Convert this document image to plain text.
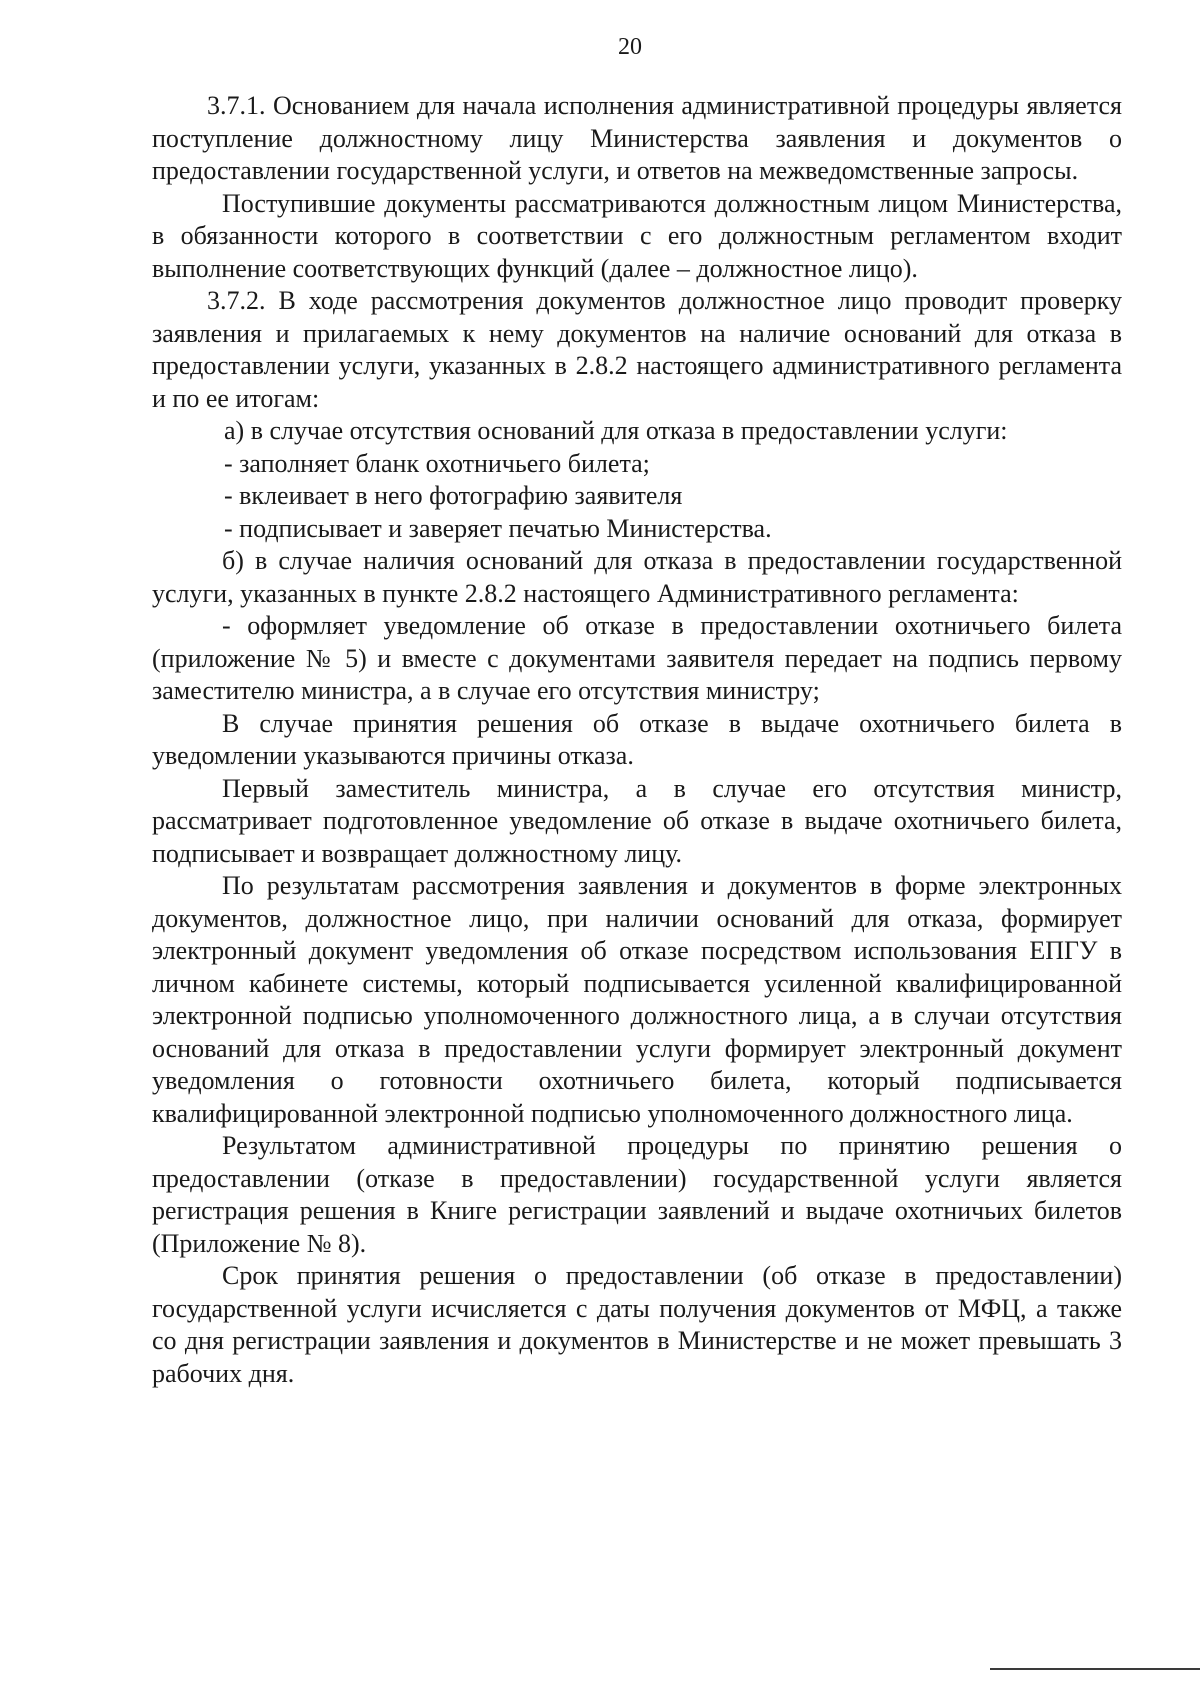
20

3.7.1. Основанием для начала исполнения административной процедуры является поступление должностному лицу Министерства заявления и документов о предоставлении государственной услуги, и ответов на межведомственные запросы.

Поступившие документы рассматриваются должностным лицом Министерства, в обязанности которого в соответствии с его должностным регламентом входит выполнение соответствующих функций (далее – должностное лицо).

3.7.2. В ходе рассмотрения документов должностное лицо проводит проверку заявления и прилагаемых к нему документов на наличие оснований для отказа в предоставлении услуги, указанных в 2.8.2 настоящего административного регламента и по ее итогам:

а) в случае отсутствия оснований для отказа в предоставлении услуги:

- заполняет бланк охотничьего билета;

- вклеивает в него фотографию заявителя

- подписывает и заверяет печатью Министерства.

б) в случае наличия оснований для отказа в предоставлении государственной услуги, указанных в пункте 2.8.2 настоящего Административного регламента:

- оформляет уведомление об отказе в предоставлении охотничьего билета (приложение № 5) и вместе с документами заявителя передает на подпись первому заместителю министра, а в случае его отсутствия министру;

В случае принятия решения об отказе в выдаче охотничьего билета в уведомлении указываются причины отказа.

Первый заместитель министра, а в случае его отсутствия министр, рассматривает подготовленное уведомление об отказе в выдаче охотничьего билета, подписывает и возвращает должностному лицу.

По результатам рассмотрения заявления и документов в форме электронных документов, должностное лицо, при наличии оснований для отказа, формирует электронный документ уведомления об отказе посредством использования ЕПГУ в личном кабинете системы, который подписывается усиленной квалифицированной электронной подписью уполномоченного должностного лица, а в случаи отсутствия оснований для отказа в предоставлении услуги формирует электронный документ уведомления о готовности охотничьего билета, который подписывается квалифицированной электронной подписью уполномоченного должностного лица.

Результатом административной процедуры по принятию решения о предоставлении (отказе в предоставлении) государственной услуги является регистрация решения в Книге регистрации заявлений и выдаче охотничьих билетов (Приложение № 8).

Срок принятия решения о предоставлении (об отказе в предоставлении) государственной услуги исчисляется с даты получения документов от МФЦ, а также со дня регистрации заявления и документов в Министерстве и не может превышать 3 рабочих дня.
